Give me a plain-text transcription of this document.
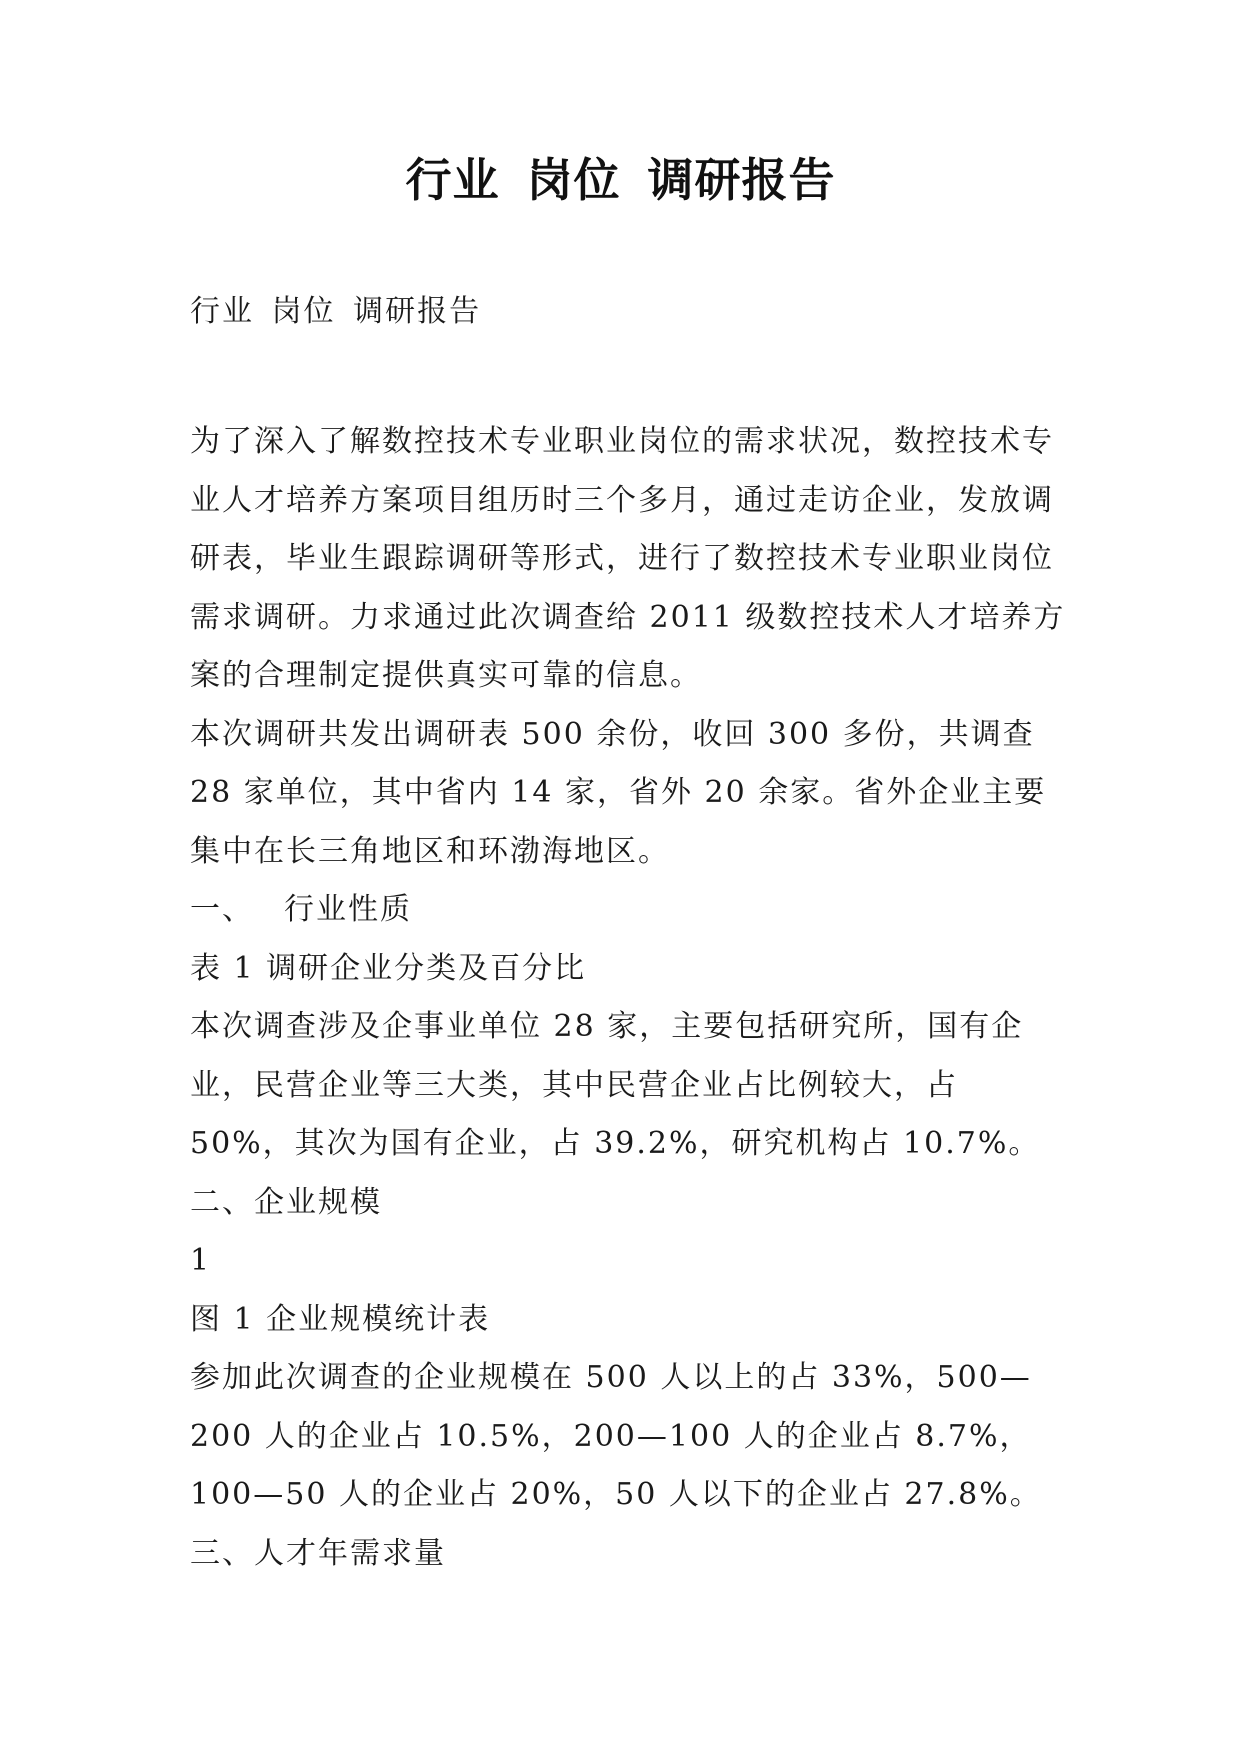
行业 岗位 调研报告
行业 岗位 调研报告

为了深入了解数控技术专业职业岗位的需求状况，数控技术专业人才培养方案项目组历时三个多月，通过走访企业，发放调研表，毕业生跟踪调研等形式，进行了数控技术专业职业岗位需求调研。力求通过此次调查给 2011 级数控技术人才培养方案的合理制定提供真实可靠的信息。

本次调研共发出调研表 500 余份，收回 300 多份，共调查 28 家单位，其中省内 14 家，省外 20 余家。省外企业主要集中在长三角地区和环渤海地区。

一、 行业性质

表 1 调研企业分类及百分比

本次调查涉及企事业单位 28 家，主要包括研究所，国有企业，民营企业等三大类，其中民营企业占比例较大，占 50%，其次为国有企业，占 39.2%，研究机构占 10.7%。

二、企业规模

1

图 1 企业规模统计表

参加此次调查的企业规模在 500 人以上的占 33%，500—200 人的企业占 10.5%，200—100 人的企业占 8.7%，100—50 人的企业占 20%，50 人以下的企业占 27.8%。

三、人才年需求量
